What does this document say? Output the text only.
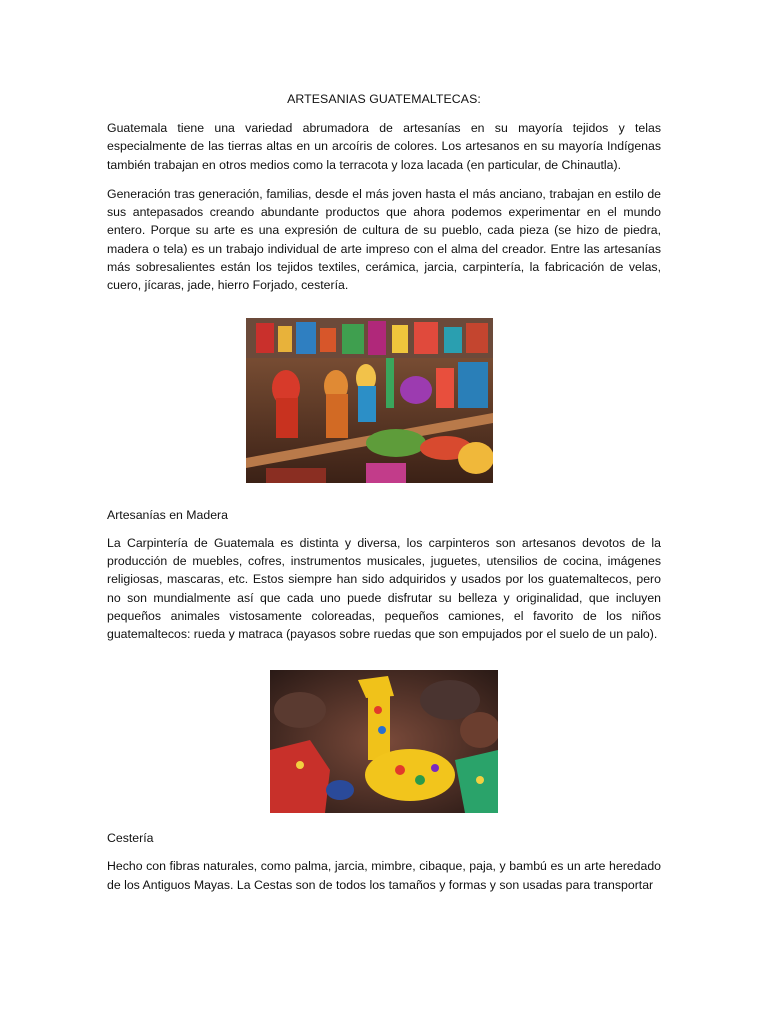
ARTESANIAS GUATEMALTECAS:

Guatemala tiene una variedad abrumadora de artesanías en su mayoría tejidos y telas especialmente de las tierras altas en un arcoíris de colores. Los artesanos en su mayoría Indígenas también trabajan en otros medios como la terracota y loza lacada (en particular, de Chinautla).

Generación tras generación, familias, desde el más joven hasta el más anciano, trabajan en estilo de sus antepasados creando abundante productos que ahora podemos experimentar en el mundo entero. Porque su arte es una expresión de cultura de su pueblo, cada pieza (se hizo de piedra, madera o tela) es un trabajo individual de arte impreso con el alma del creador. Entre las artesanías más sobresalientes están los tejidos textiles, cerámica, jarcia, carpintería, la fabricación de velas, cuero, jícaras, jade, hierro Forjado, cestería.

Artesanías en Madera

La Carpintería de Guatemala es distinta y diversa, los carpinteros son artesanos devotos de la producción de muebles, cofres, instrumentos musicales, juguetes, utensilios de cocina, imágenes religiosas, mascaras, etc. Estos siempre han sido adquiridos y usados por los guatemaltecos, pero no son mundialmente así que cada uno puede disfrutar su belleza y originalidad, que incluyen pequeños animales vistosamente coloreadas, pequeños camiones, el favorito de los niños guatemaltecos: rueda y matraca (payasos sobre ruedas que son empujados por el suelo de un palo).

Cestería

Hecho con fibras naturales, como palma, jarcia, mimbre, cibaque, paja, y bambú es un arte heredado de los Antiguos Mayas. La Cestas son de todos los tamaños y formas y son usadas para transportar
